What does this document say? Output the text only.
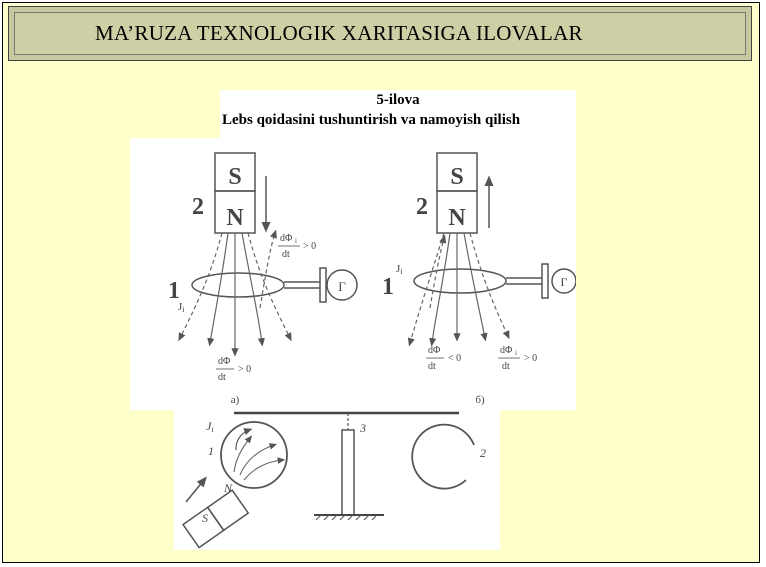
MA’RUZA TEXNOLOGIK XARITASIGA ILOVALAR
5-ilova
Lebs qoidasini tushuntirish va namoyish qilish
S
N
2
1
Ji
Г
dΦ i
dt
> 0
dΦ
dt
> 0
а)
S
N
2
1
Ji
Г
dΦ
dt
< 0
dΦ i
dt
> 0
б)
3
Ji
1	2
S
N
